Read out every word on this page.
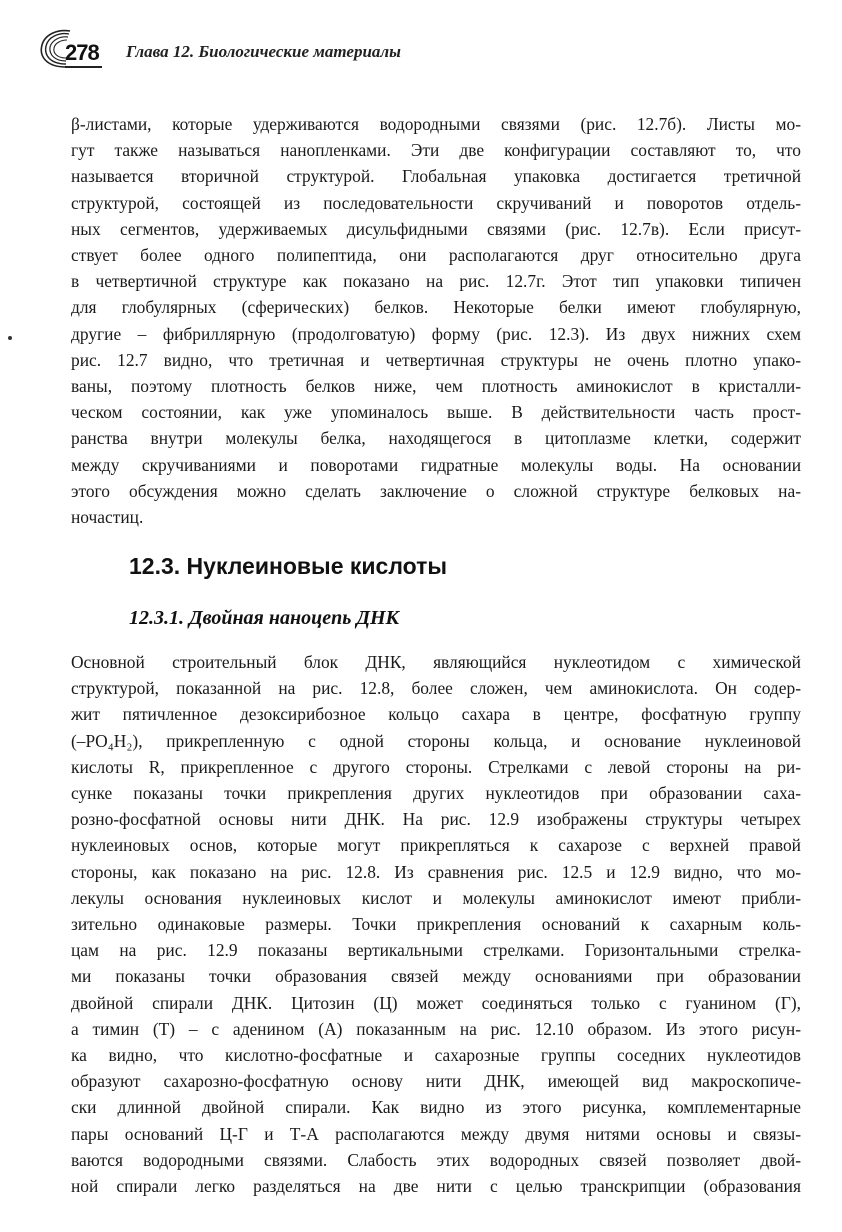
278 Глава 12. Биологические материалы
β-листами, которые удерживаются водородными связями (рис. 12.7б). Листы мо-
гут также называться нанопленками. Эти две конфигурации составляют то, что
называется вторичной структурой. Глобальная упаковка достигается третичной
структурой, состоящей из последовательности скручиваний и поворотов отдель-
ных сегментов, удерживаемых дисульфидными связями (рис. 12.7в). Если присут-
ствует более одного полипептида, они располагаются друг относительно друга
в четвертичной структуре как показано на рис. 12.7г. Этот тип упаковки типичен
для глобулярных (сферических) белков. Некоторые белки имеют глобулярную,
другие – фибриллярную (продолговатую) форму (рис. 12.3). Из двух нижних схем
рис. 12.7 видно, что третичная и четвертичная структуры не очень плотно упако-
ваны, поэтому плотность белков ниже, чем плотность аминокислот в кристалли-
ческом состоянии, как уже упоминалось выше. В действительности часть прост-
ранства внутри молекулы белка, находящегося в цитоплазме клетки, содержит
между скручиваниями и поворотами гидратные молекулы воды. На основании
этого обсуждения можно сделать заключение о сложной структуре белковых на-
ночастиц.
12.3. Нуклеиновые кислоты
12.3.1. Двойная наноцепь ДНК
Основной строительный блок ДНК, являющийся нуклеотидом с химической
структурой, показанной на рис. 12.8, более сложен, чем аминокислота. Он содер-
жит пятичленное дезоксирибозное кольцо сахара в центре, фосфатную группу
(–PO₄H₂), прикрепленную с одной стороны кольца, и основание нуклеиновой
кислоты R, прикрепленное с другого стороны. Стрелками с левой стороны на ри-
сунке показаны точки прикрепления других нуклеотидов при образовании саха-
розно-фосфатной основы нити ДНК. На рис. 12.9 изображены структуры четырех
нуклеиновых основ, которые могут прикрепляться к сахарозе с верхней правой
стороны, как показано на рис. 12.8. Из сравнения рис. 12.5 и 12.9 видно, что мо-
лекулы основания нуклеиновых кислот и молекулы аминокислот имеют прибли-
зительно одинаковые размеры. Точки прикрепления оснований к сахарным коль-
цам на рис. 12.9 показаны вертикальными стрелками. Горизонтальными стрелка-
ми показаны точки образования связей между основаниями при образовании
двойной спирали ДНК. Цитозин (Ц) может соединяться только с гуанином (Г),
а тимин (Т) – с аденином (А) показанным на рис. 12.10 образом. Из этого рисун-
ка видно, что кислотно-фосфатные и сахарозные группы соседних нуклеотидов
образуют сахарозно-фосфатную основу нити ДНК, имеющей вид макроскопиче-
ски длинной двойной спирали. Как видно из этого рисунка, комплементарные
пары оснований Ц-Г и Т-А располагаются между двумя нитями основы и связы-
ваются водородными связями. Слабость этих водородных связей позволяет двой-
ной спирали легко разделяться на две нити с целью транскрипции (образования
